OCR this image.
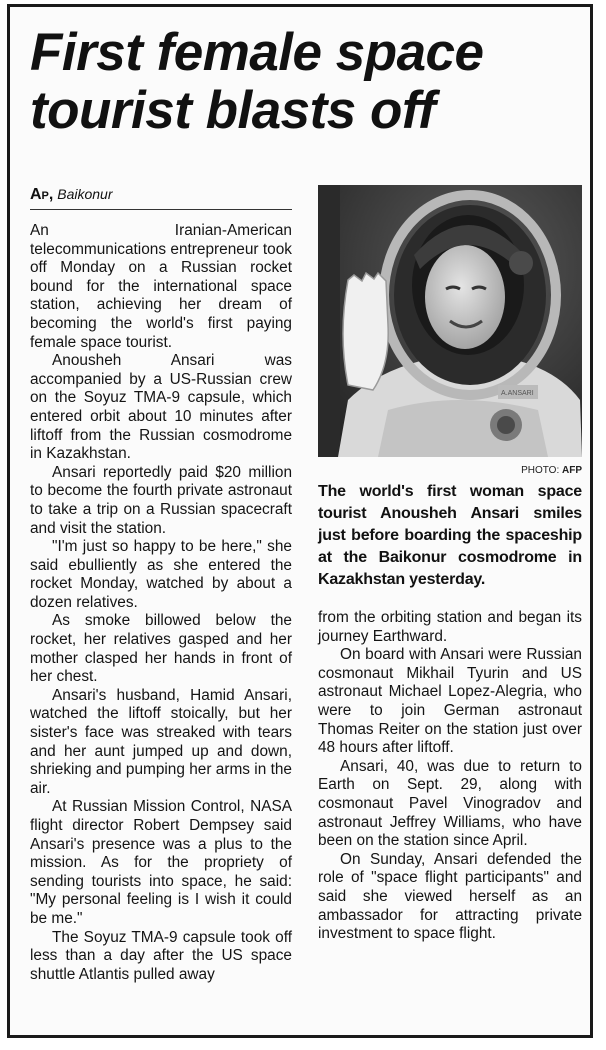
First female space tourist blasts off
Ap, Baikonur

An Iranian-American telecommunications entrepreneur took off Monday on a Russian rocket bound for the international space station, achieving her dream of becoming the world's first paying female space tourist.

Anousheh Ansari was accompanied by a US-Russian crew on the Soyuz TMA-9 capsule, which entered orbit about 10 minutes after liftoff from the Russian cosmodrome in Kazakhstan.

Ansari reportedly paid $20 million to become the fourth private astronaut to take a trip on a Russian spacecraft and visit the station.

"I'm just so happy to be here," she said ebulliently as she entered the rocket Monday, watched by about a dozen relatives.

As smoke billowed below the rocket, her relatives gasped and her mother clasped her hands in front of her chest.

Ansari's husband, Hamid Ansari, watched the liftoff stoically, but her sister's face was streaked with tears and her aunt jumped up and down, shrieking and pumping her arms in the air.

At Russian Mission Control, NASA flight director Robert Dempsey said Ansari's presence was a plus to the mission. As for the propriety of sending tourists into space, he said: "My personal feeling is I wish it could be me."

The Soyuz TMA-9 capsule took off less than a day after the US space shuttle Atlantis pulled away

A.ANSARI
PHOTO: AFP

The world's first woman space tourist Anousheh Ansari smiles just before boarding the spaceship at the Baikonur cosmodrome in Kazakhstan yesterday.

from the orbiting station and began its journey Earthward.

On board with Ansari were Russian cosmonaut Mikhail Tyurin and US astronaut Michael Lopez-Alegria, who were to join German astronaut Thomas Reiter on the station just over 48 hours after liftoff.

Ansari, 40, was due to return to Earth on Sept. 29, along with cosmonaut Pavel Vinogradov and astronaut Jeffrey Williams, who have been on the station since April.

On Sunday, Ansari defended the role of "space flight participants" and said she viewed herself as an ambassador for attracting private investment to space flight.
